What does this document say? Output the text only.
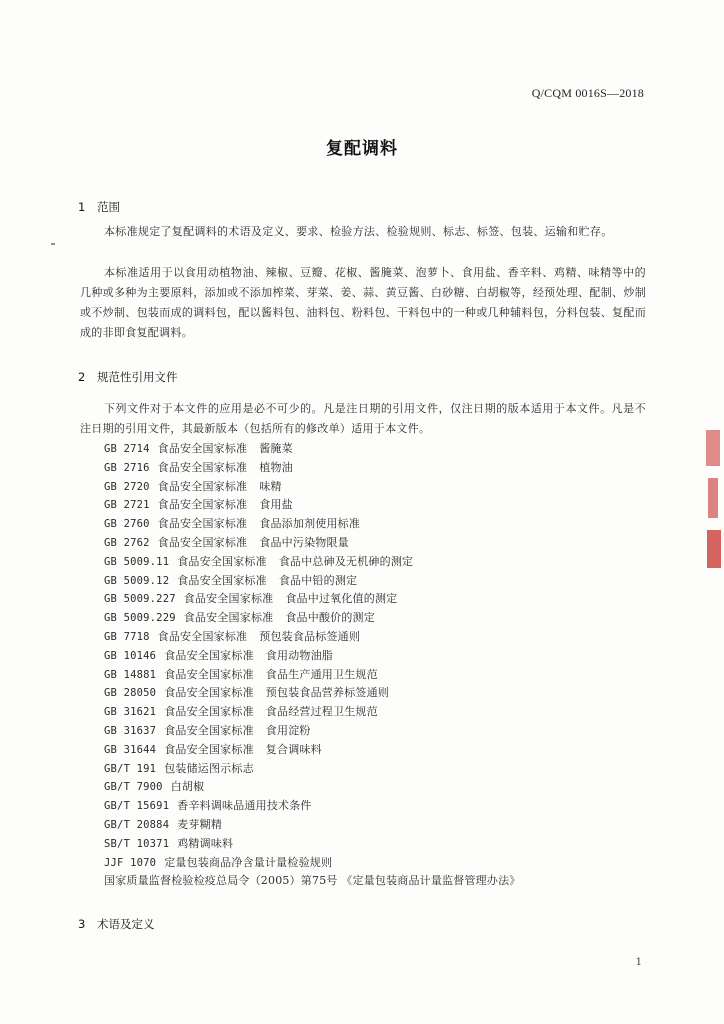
Q/CQM 0016S—2018
复配调料
1 范围

本标准规定了复配调料的术语及定义、要求、检验方法、检验规则、标志、标签、包装、运输和贮存。

本标准适用于以食用动植物油、辣椒、豆瓣、花椒、酱腌菜、泡萝卜、食用盐、香辛料、鸡精、味精等中的几种或多种为主要原料，添加或不添加榨菜、芽菜、姜、蒜、黄豆酱、白砂糖、白胡椒等，经预处理、配制、炒制或不炒制、包装而成的调料包，配以酱料包、油料包、粉料包、干料包中的一种或几种辅料包，分料包装、复配而成的非即食复配调料。

2 规范性引用文件

下列文件对于本文件的应用是必不可少的。凡是注日期的引用文件，仅注日期的版本适用于本文件。凡是不注日期的引用文件，其最新版本（包括所有的修改单）适用于本文件。

GB 2714 食品安全国家标准 酱腌菜
GB 2716 食品安全国家标准 植物油
GB 2720 食品安全国家标准 味精
GB 2721 食品安全国家标准 食用盐
GB 2760 食品安全国家标准 食品添加剂使用标准
GB 2762 食品安全国家标准 食品中污染物限量
GB 5009.11 食品安全国家标准 食品中总砷及无机砷的测定
GB 5009.12 食品安全国家标准 食品中铅的测定
GB 5009.227 食品安全国家标准 食品中过氧化值的测定
GB 5009.229 食品安全国家标准 食品中酸价的测定
GB 7718 食品安全国家标准 预包装食品标签通则
GB 10146 食品安全国家标准 食用动物油脂
GB 14881 食品安全国家标准 食品生产通用卫生规范
GB 28050 食品安全国家标准 预包装食品营养标签通则
GB 31621 食品安全国家标准 食品经营过程卫生规范
GB 31637 食品安全国家标准 食用淀粉
GB 31644 食品安全国家标准 复合调味料
GB/T 191 包装储运图示标志
GB/T 7900 白胡椒
GB/T 15691 香辛料调味品通用技术条件
GB/T 20884 麦芽糊精
SB/T 10371 鸡精调味料
JJF 1070 定量包装商品净含量计量检验规则
国家质量监督检验检疫总局令（2005）第75号 《定量包装商品计量监督管理办法》
3 术语及定义
1
